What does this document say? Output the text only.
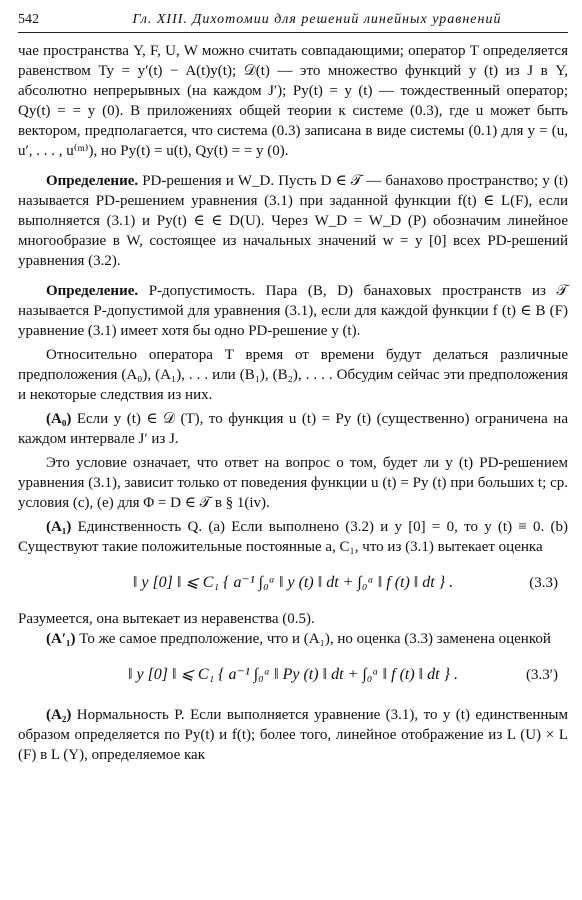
542	Гл. XIII. Дихотомии для решений линейных уравнений

чае пространства Y, F, U, W можно считать совпадающими; оператор T определяется равенством Ty = y′(t) − A(t)y(t); 𝒟(t) — это множество функций y (t) из J в Y, абсолютно непрерывных (на каждом J′); Py(t) = y (t) — тождественный оператор; Qy(t) = = y (0). В приложениях общей теории к системе (0.3), где u может быть вектором, предполагается, что система (0.3) записана в виде системы (0.1) для y = (u, u′, . . . , u⁽ᵐ⁾), но Py(t) = u(t), Qy(t) = = y (0).

Определение. PD-решения и W_D. Пусть D ∈ 𝒯 — банахово пространство; y (t) называется PD-решением уравнения (3.1) при заданной функции f(t) ∈ L(F), если выполняется (3.1) и Py(t) ∈ ∈ D(U). Через W_D = W_D (P) обозначим линейное многообразие в W, состоящее из начальных значений w = y [0] всех PD-решений уравнения (3.2).

Определение. P-допустимость. Пара (B, D) банаховых пространств из 𝒯 называется P-допустимой для уравнения (3.1), если для каждой функции f (t) ∈ B (F) уравнение (3.1) имеет хотя бы одно PD-решение y (t).

Относительно оператора T время от времени будут делаться различные предположения (A₀), (A₁), . . . или (B₁), (B₂), . . . . Обсудим сейчас эти предположения и некоторые следствия из них.

(A₀) Если y (t) ∈ 𝒟 (T), то функция u (t) = Py (t) (существенно) ограничена на каждом интервале J′ из J.

Это условие означает, что ответ на вопрос о том, будет ли y (t) PD-решением уравнения (3.1), зависит только от поведения функции u (t) = Py (t) при больших t; ср. условия (c), (e) для Φ = D ∈ 𝒯 в § 1(iv).

(A₁) Единственность Q. (a) Если выполнено (3.2) и y [0] = 0, то y (t) ≡ 0. (b) Существуют такие положительные постоянные a, C₁, что из (3.1) вытекает оценка

‖ y [0] ‖ ⩽ C₁ { a⁻¹ ∫₀ᵃ ‖ y (t) ‖ dt + ∫₀ᵃ ‖ f (t) ‖ dt } .	(3.3)

Разумеется, она вытекает из неравенства (0.5).

(A′₁) То же самое предположение, что и (A₁), но оценка (3.3) заменена оценкой

‖ y [0] ‖ ⩽ C₁ { a⁻¹ ∫₀ᵃ ‖ Py (t) ‖ dt + ∫₀ᵃ ‖ f (t) ‖ dt } .	(3.3′)

(A₂) Нормальность P. Если выполняется уравнение (3.1), то y (t) единственным образом определяется по Py(t) и f(t); более того, линейное отображение из L (U) × L (F) в L (Y), определяемое как
